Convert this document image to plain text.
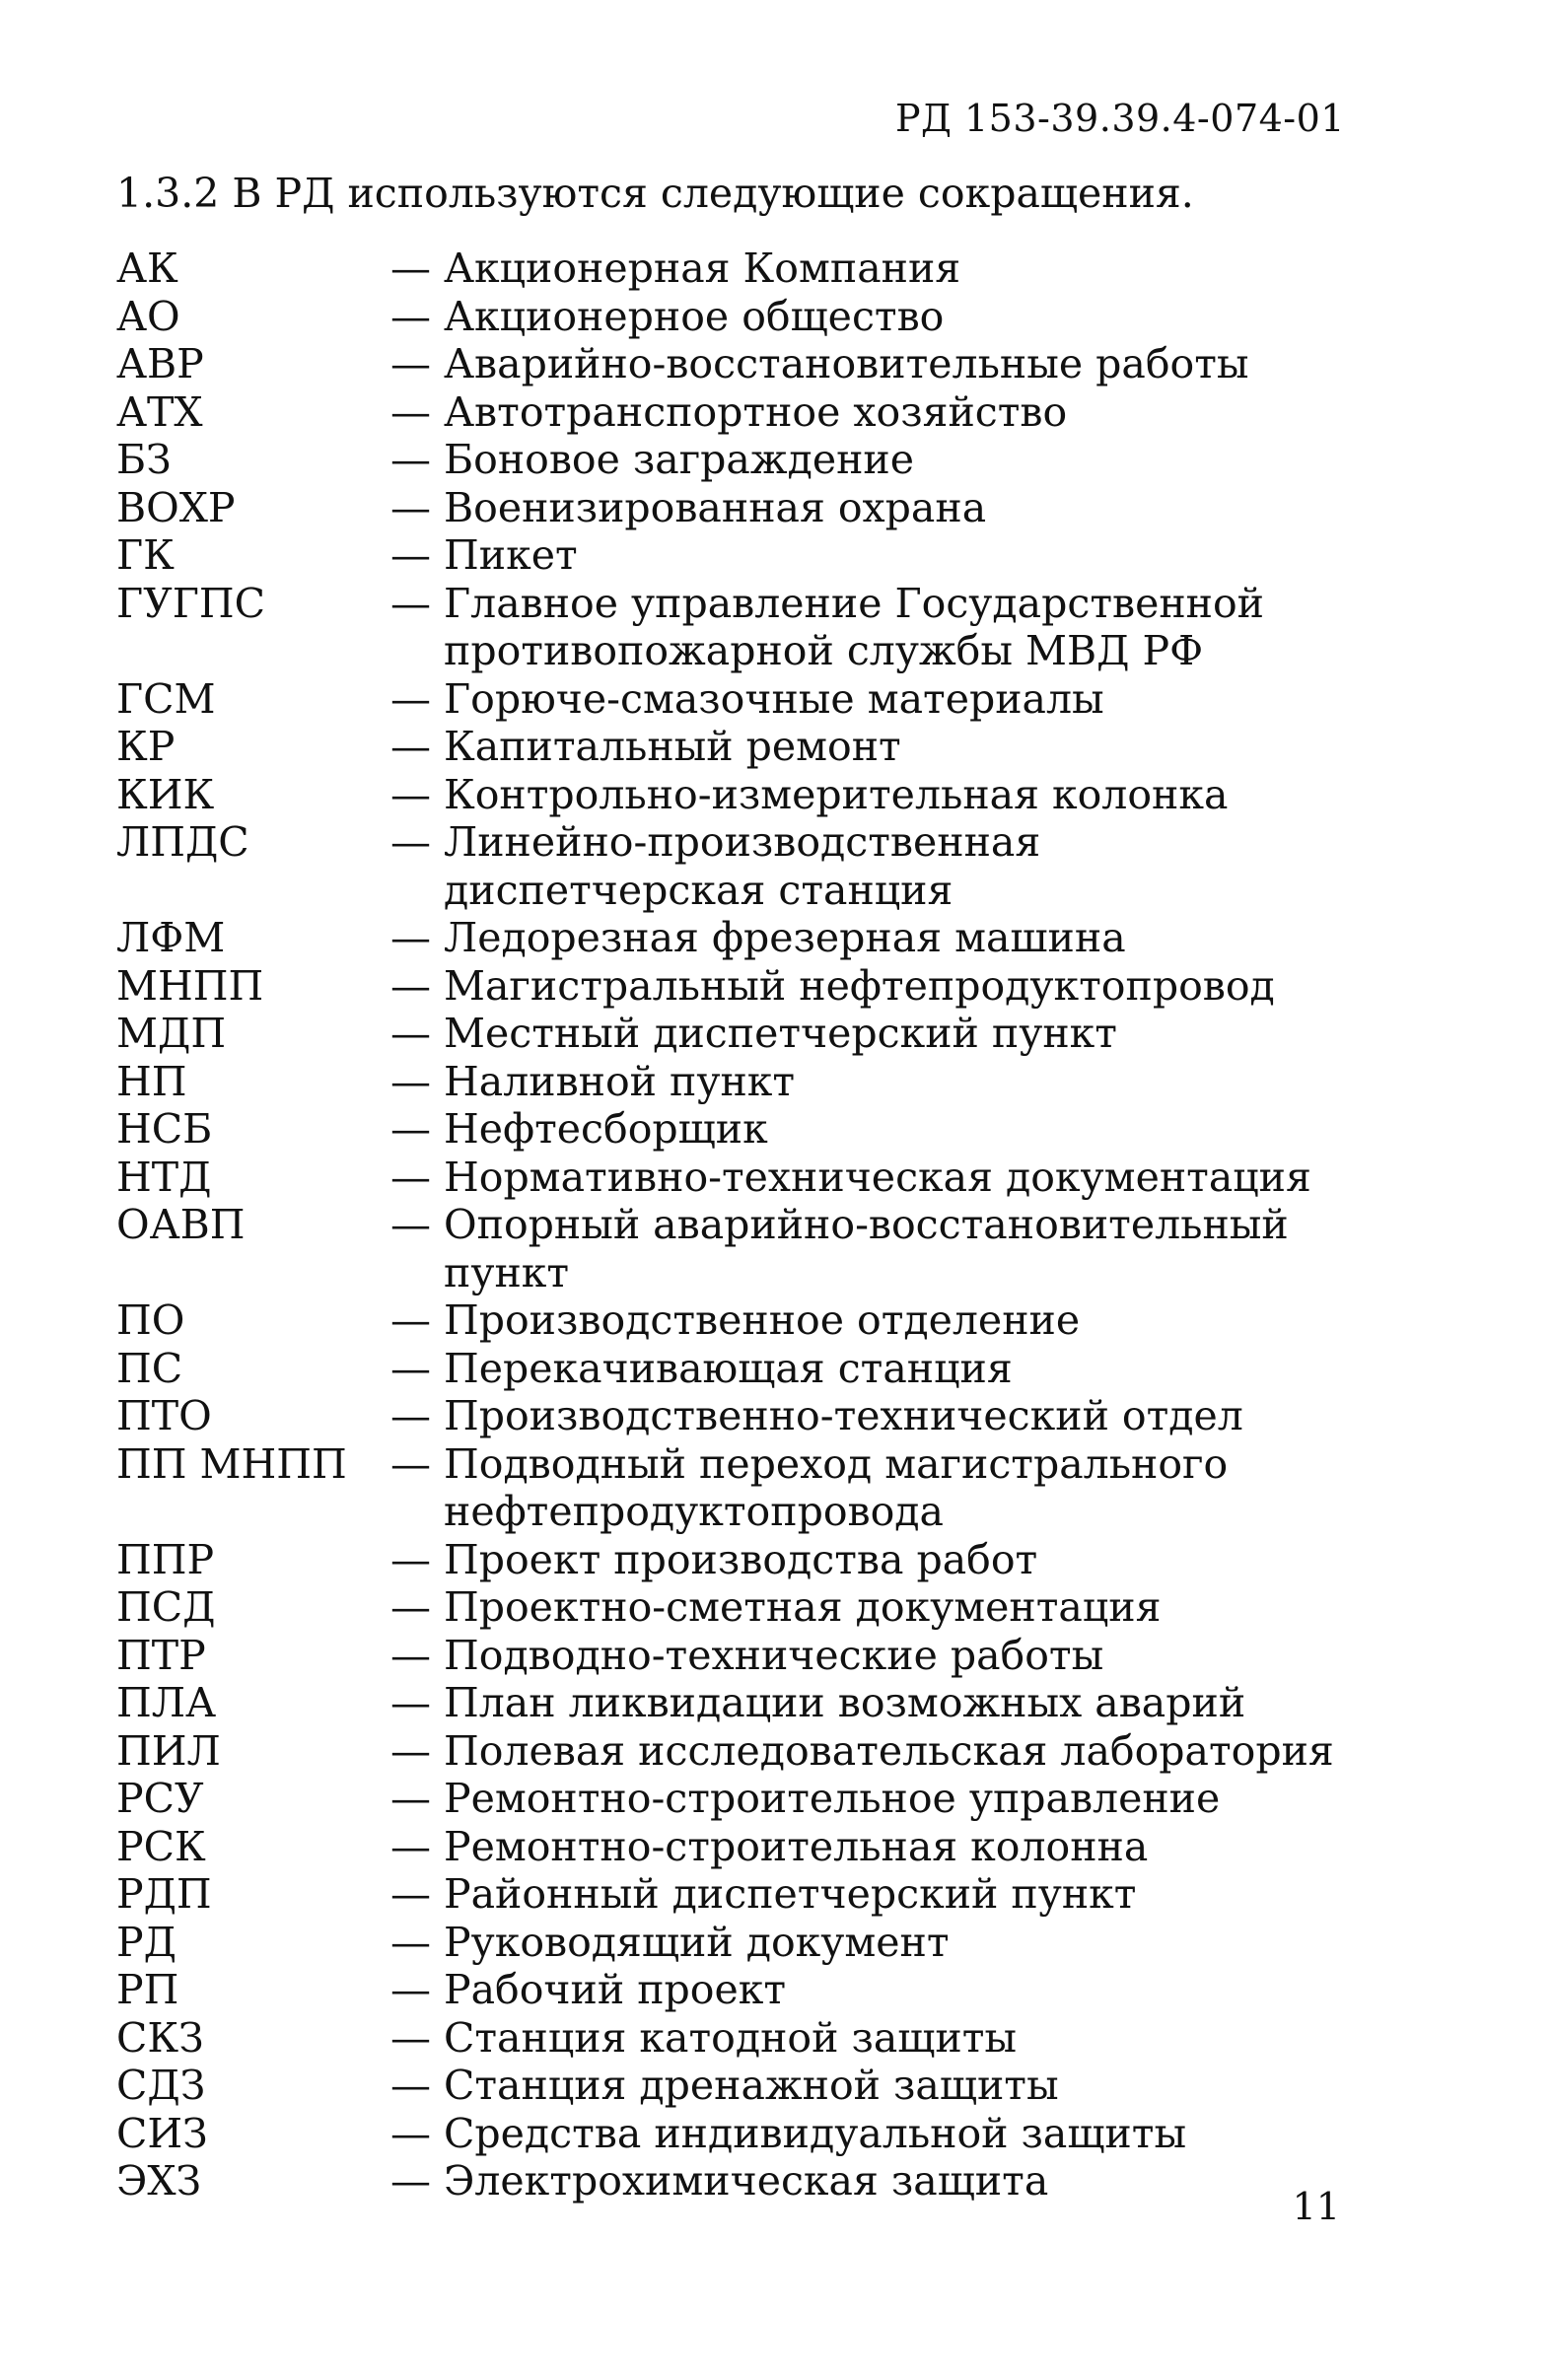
РД 153-39.39.4-074-01
1.3.2 В РД используются следующие сокращения.
АК	— Акционерная Компания
АО	— Акционерное общество
АВР	— Аварийно-восстановительные работы
АТХ	— Автотранспортное хозяйство
БЗ	— Боновое заграждение
ВОХР	— Военизированная охрана
ГК	— Пикет
ГУГПС	— Главное управление Государственной противопожарной службы МВД РФ
ГСМ	— Горюче-смазочные материалы
КР	— Капитальный ремонт
КИК	— Контрольно-измерительная колонка
ЛПДС	— Линейно-производственная диспетчерская станция
ЛФМ	— Ледорезная фрезерная машина
МНПП	— Магистральный нефтепродуктопровод
МДП	— Местный диспетчерский пункт
НП	— Наливной пункт
НСБ	— Нефтесборщик
НТД	— Нормативно-техническая документация
ОАВП	— Опорный аварийно-восстановительный пункт
ПО	— Производственное отделение
ПС	— Перекачивающая станция
ПТО	— Производственно-технический отдел
ПП МНПП	— Подводный переход магистрального нефтепродуктопровода
ППР	— Проект производства работ
ПСД	— Проектно-сметная документация
ПТР	— Подводно-технические работы
ПЛА	— План ликвидации возможных аварий
ПИЛ	— Полевая исследовательская лаборатория
РСУ	— Ремонтно-строительное управление
РСК	— Ремонтно-строительная колонна
РДП	— Районный диспетчерский пункт
РД	— Руководящий документ
РП	— Рабочий проект
СКЗ	— Станция катодной защиты
СДЗ	— Станция дренажной защиты
СИЗ	— Средства индивидуальной защиты
ЭХЗ	— Электрохимическая защита
11
